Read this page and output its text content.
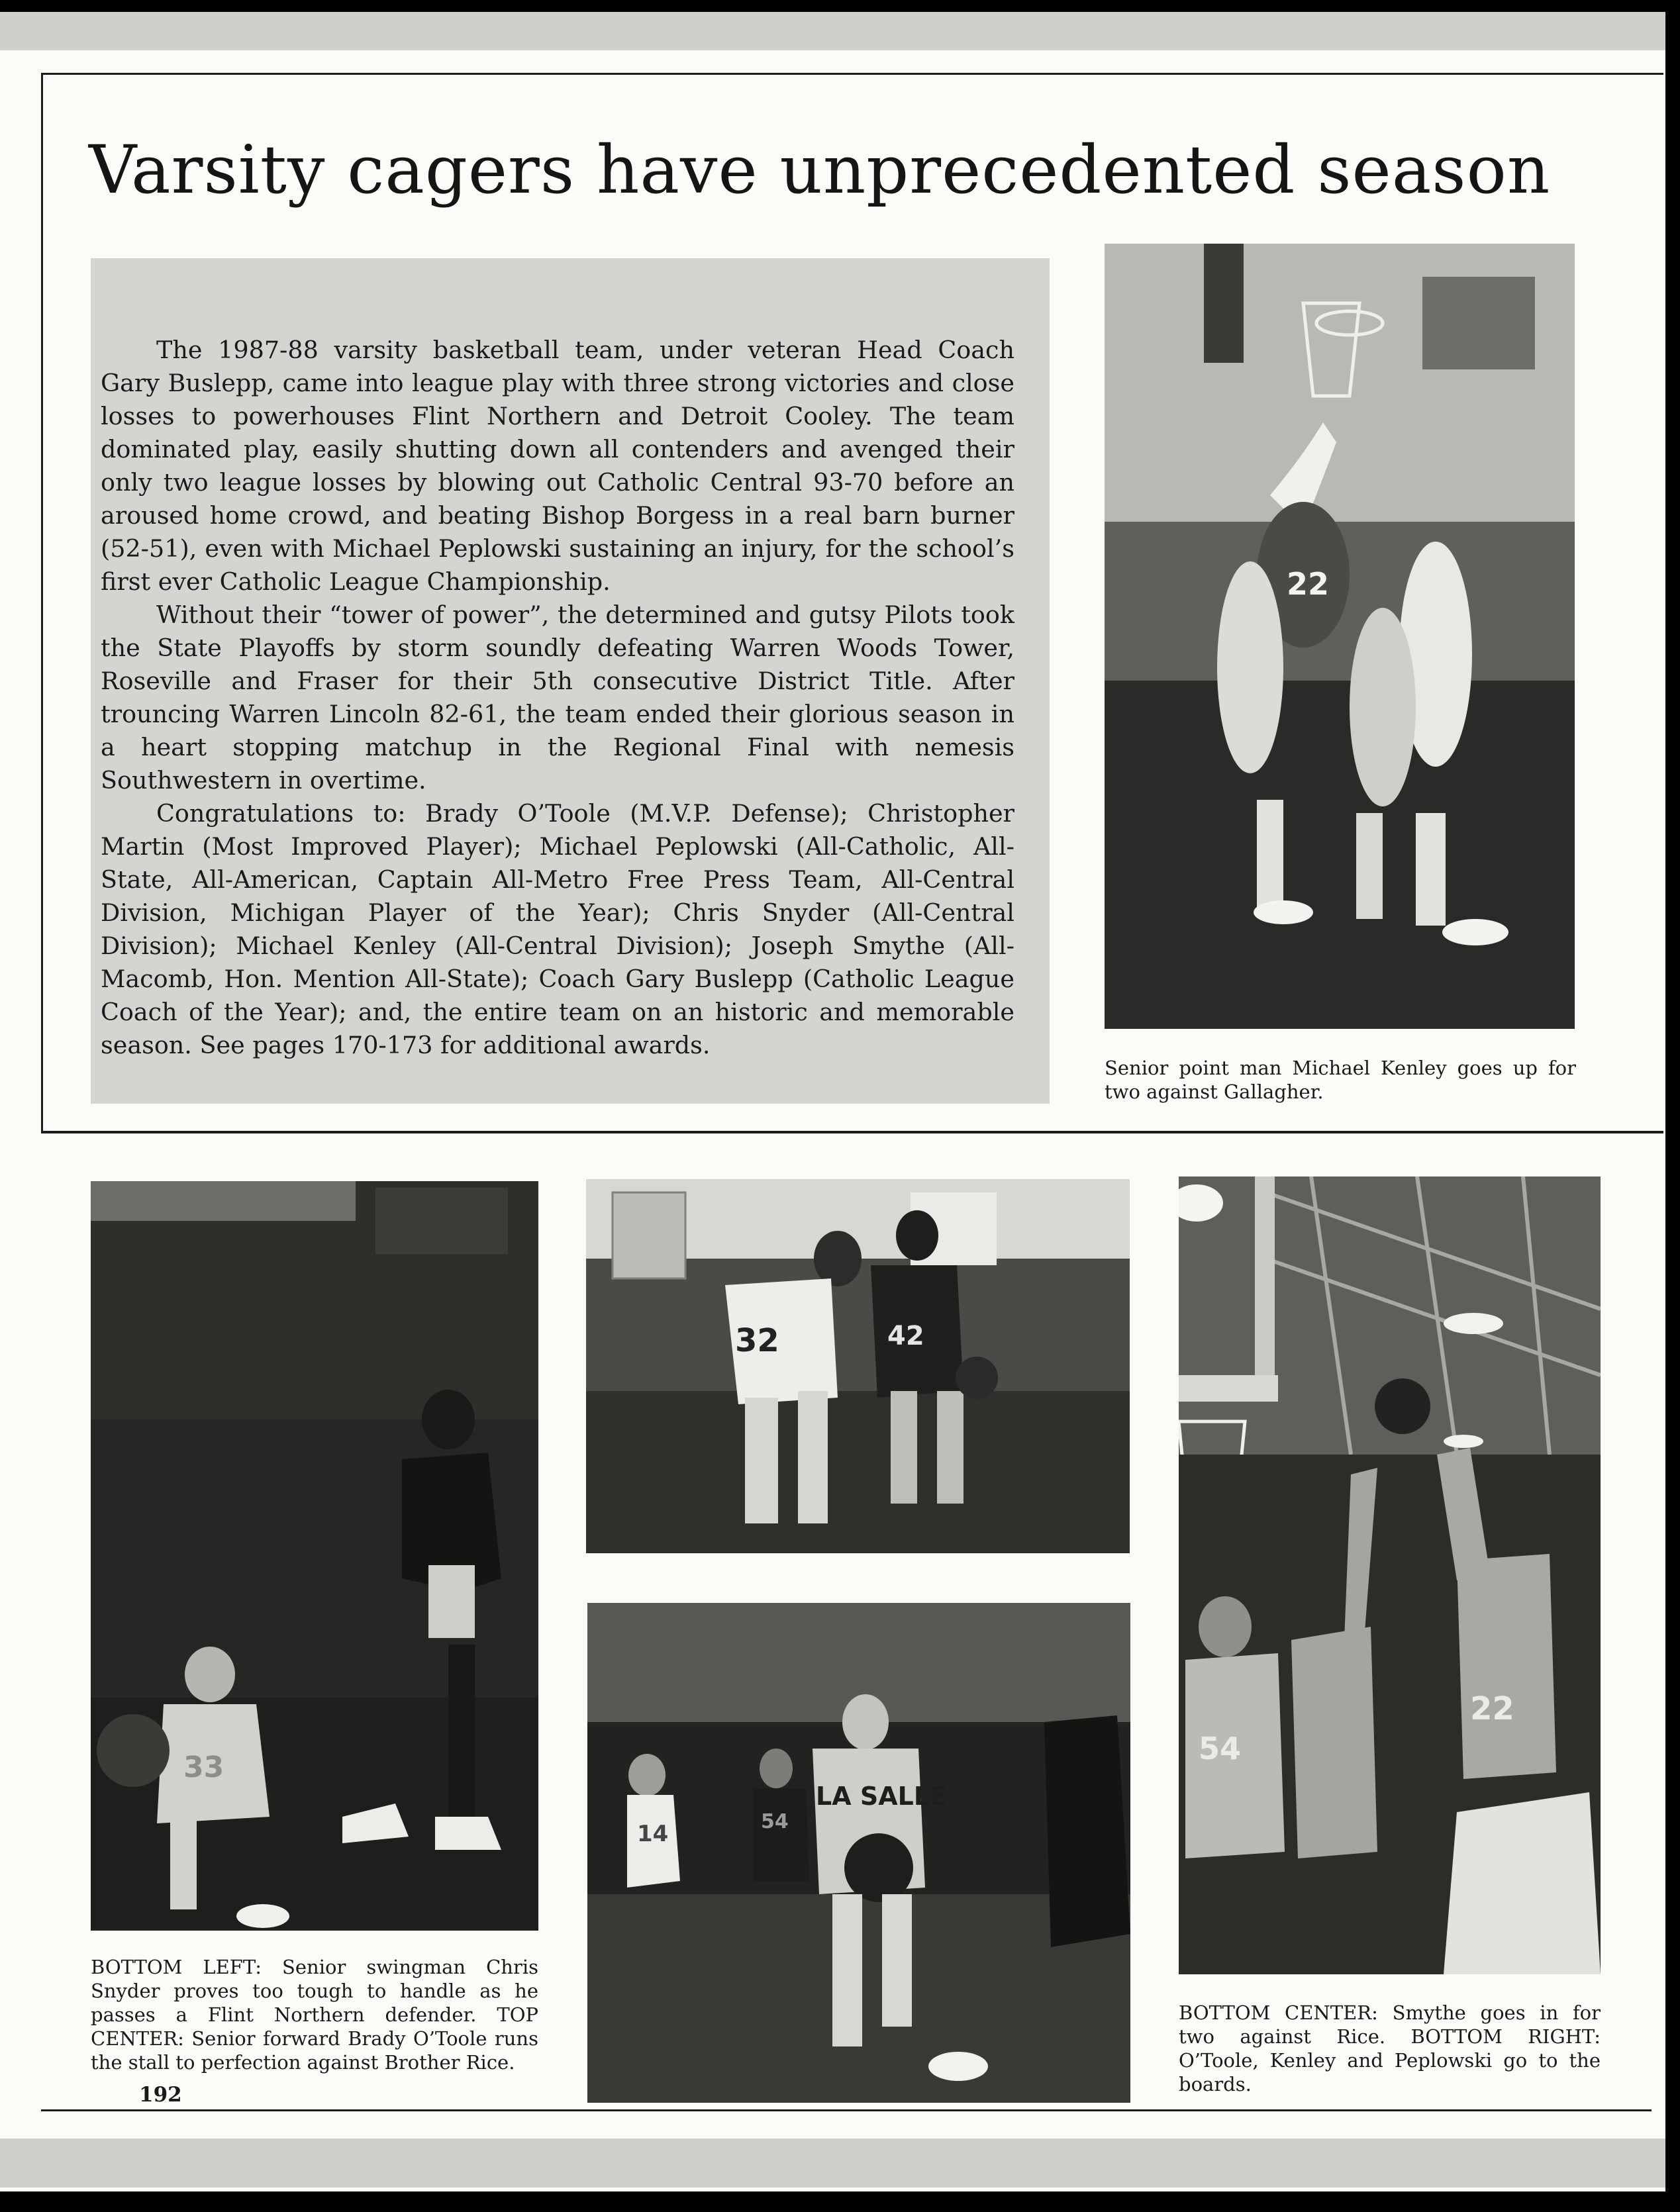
Varsity cagers have unprecedented season

The 1987-88 varsity basketball team, under veteran Head Coach Gary Buslepp, came into league play with three strong victories and close losses to powerhouses Flint Northern and Detroit Cooley. The team dominated play, easily shutting down all contenders and avenged their only two league losses by blowing out Catholic Central 93-70 before an aroused home crowd, and beating Bishop Borgess in a real barn burner (52-51), even with Michael Peplowski sustaining an injury, for the school’s first ever Catholic League Championship.

Without their “tower of power”, the determined and gutsy Pilots took the State Playoffs by storm soundly defeating Warren Woods Tower, Roseville and Fraser for their 5th consecutive District Title. After trouncing Warren Lincoln 82-61, the team ended their glorious season in a heart stopping matchup in the Regional Final with nemesis Southwestern in overtime.

Congratulations to: Brady O’Toole (M.V.P. Defense); Christopher Martin (Most Improved Player); Michael Peplowski (All-Catholic, All-State, All-American, Captain All-Metro Free Press Team, All-Central Division, Michigan Player of the Year); Chris Snyder (All-Central Division); Michael Kenley (All-Central Division); Joseph Smythe (All-Macomb, Hon. Mention All-State); Coach Gary Buslepp (Catholic League Coach of the Year); and, the entire team on an historic and memorable season. See pages 170-173 for additional awards.

22
Senior point man Michael Kenley goes up for two against Gallagher.
33
BOTTOM LEFT: Senior swingman Chris Snyder proves too tough to handle as he passes a Flint Northern defender. TOP CENTER: Senior forward Brady O’Toole runs the stall to perfection against Brother Rice.
192
32	42
LA SALLE
14	54
54
22
BOTTOM CENTER: Smythe goes in for two against Rice. BOTTOM RIGHT: O’Toole, Kenley and Peplowski go to the boards.
